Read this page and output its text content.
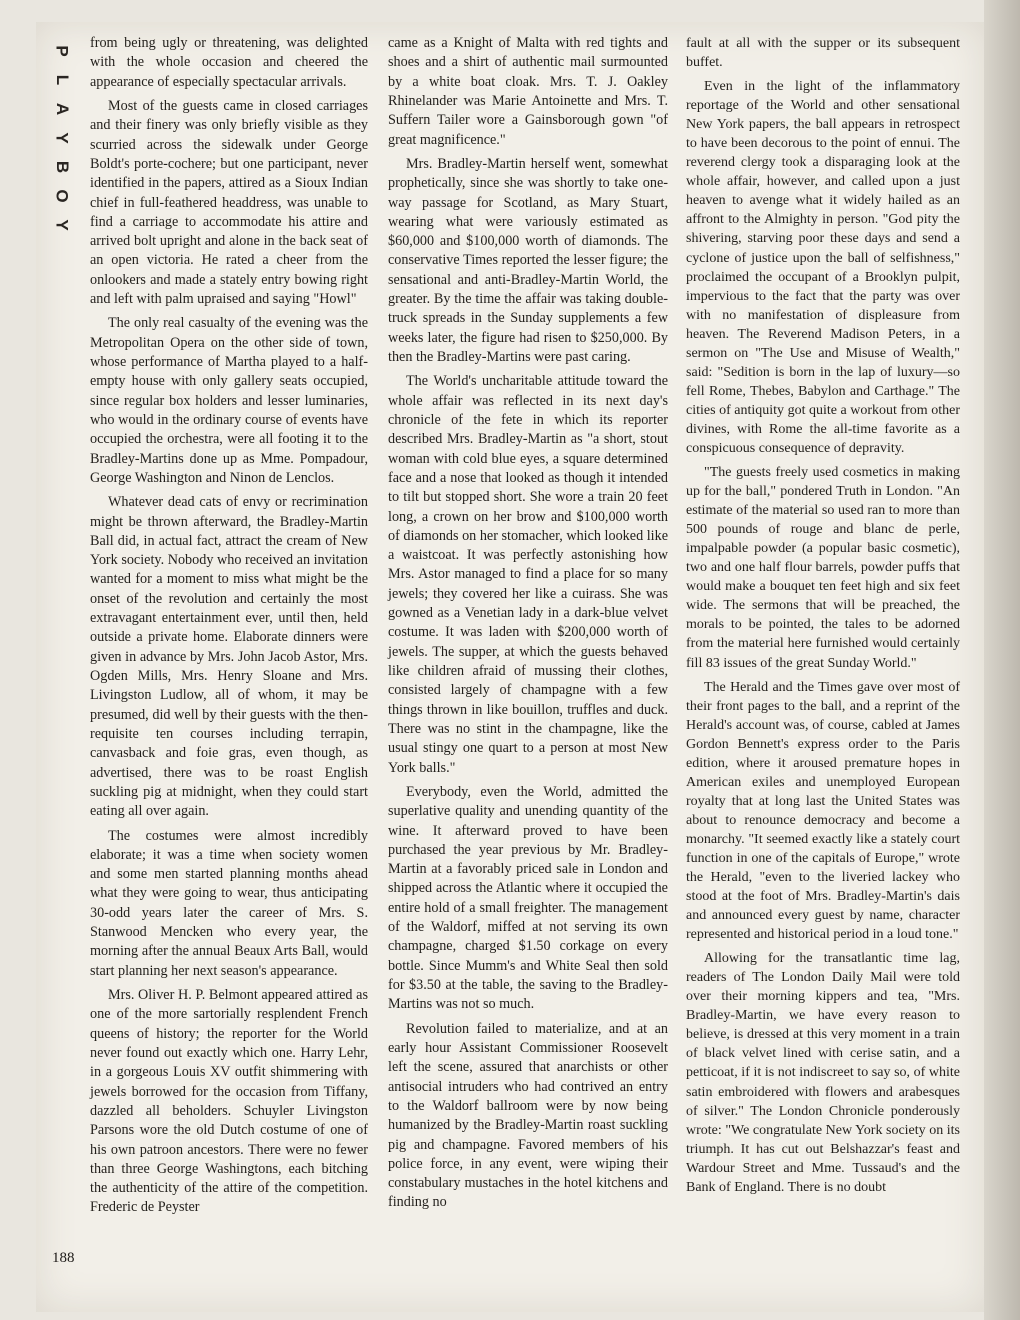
P
L
A
Y
B
O
Y

from being ugly or threatening, was delighted with the whole occasion and cheered the appearance of especially spectacular arrivals.

Most of the guests came in closed carriages and their finery was only briefly visible as they scurried across the sidewalk under George Boldt's porte-cochere; but one participant, never identified in the papers, attired as a Sioux Indian chief in full-feathered headdress, was unable to find a carriage to accommodate his attire and arrived bolt upright and alone in the back seat of an open victoria. He rated a cheer from the onlookers and made a stately entry bowing right and left with palm upraised and saying "Howl"

The only real casualty of the evening was the Metropolitan Opera on the other side of town, whose performance of Martha played to a half-empty house with only gallery seats occupied, since regular box holders and lesser luminaries, who would in the ordinary course of events have occupied the orchestra, were all footing it to the Bradley-Martins done up as Mme. Pompadour, George Washington and Ninon de Lenclos.

Whatever dead cats of envy or recrimination might be thrown afterward, the Bradley-Martin Ball did, in actual fact, attract the cream of New York society. Nobody who received an invitation wanted for a moment to miss what might be the onset of the revolution and certainly the most extravagant entertainment ever, until then, held outside a private home. Elaborate dinners were given in advance by Mrs. John Jacob Astor, Mrs. Ogden Mills, Mrs. Henry Sloane and Mrs. Livingston Ludlow, all of whom, it may be presumed, did well by their guests with the then-requisite ten courses including terrapin, canvasback and foie gras, even though, as advertised, there was to be roast English suckling pig at midnight, when they could start eating all over again.

The costumes were almost incredibly elaborate; it was a time when society women and some men started planning months ahead what they were going to wear, thus anticipating 30-odd years later the career of Mrs. S. Stanwood Mencken who every year, the morning after the annual Beaux Arts Ball, would start planning her next season's appearance.

Mrs. Oliver H. P. Belmont appeared attired as one of the more sartorially resplendent French queens of history; the reporter for the World never found out exactly which one. Harry Lehr, in a gorgeous Louis XV outfit shimmering with jewels borrowed for the occasion from Tiffany, dazzled all beholders. Schuyler Livingston Parsons wore the old Dutch costume of one of his own patroon ancestors. There were no fewer than three George Washingtons, each bitching the authenticity of the attire of the competition. Frederic de Peyster

came as a Knight of Malta with red tights and shoes and a shirt of authentic mail surmounted by a white boat cloak. Mrs. T. J. Oakley Rhinelander was Marie Antoinette and Mrs. T. Suffern Tailer wore a Gainsborough gown "of great magnificence."

Mrs. Bradley-Martin herself went, somewhat prophetically, since she was shortly to take one-way passage for Scotland, as Mary Stuart, wearing what were variously estimated as $60,000 and $100,000 worth of diamonds. The conservative Times reported the lesser figure; the sensational and anti-Bradley-Martin World, the greater. By the time the affair was taking double-truck spreads in the Sunday supplements a few weeks later, the figure had risen to $250,000. By then the Bradley-Martins were past caring.

The World's uncharitable attitude toward the whole affair was reflected in its next day's chronicle of the fete in which its reporter described Mrs. Bradley-Martin as "a short, stout woman with cold blue eyes, a square determined face and a nose that looked as though it intended to tilt but stopped short. She wore a train 20 feet long, a crown on her brow and $100,000 worth of diamonds on her stomacher, which looked like a waistcoat. It was perfectly astonishing how Mrs. Astor managed to find a place for so many jewels; they covered her like a cuirass. She was gowned as a Venetian lady in a dark-blue velvet costume. It was laden with $200,000 worth of jewels. The supper, at which the guests behaved like children afraid of mussing their clothes, consisted largely of champagne with a few things thrown in like bouillon, truffles and duck. There was no stint in the champagne, like the usual stingy one quart to a person at most New York balls."

Everybody, even the World, admitted the superlative quality and unending quantity of the wine. It afterward proved to have been purchased the year previous by Mr. Bradley-Martin at a favorably priced sale in London and shipped across the Atlantic where it occupied the entire hold of a small freighter. The management of the Waldorf, miffed at not serving its own champagne, charged $1.50 corkage on every bottle. Since Mumm's and White Seal then sold for $3.50 at the table, the saving to the Bradley-Martins was not so much.

Revolution failed to materialize, and at an early hour Assistant Commissioner Roosevelt left the scene, assured that anarchists or other antisocial intruders who had contrived an entry to the Waldorf ballroom were by now being humanized by the Bradley-Martin roast suckling pig and champagne. Favored members of his police force, in any event, were wiping their constabulary mustaches in the hotel kitchens and finding no

fault at all with the supper or its subsequent buffet.

Even in the light of the inflammatory reportage of the World and other sensational New York papers, the ball appears in retrospect to have been decorous to the point of ennui. The reverend clergy took a disparaging look at the whole affair, however, and called upon a just heaven to avenge what it widely hailed as an affront to the Almighty in person. "God pity the shivering, starving poor these days and send a cyclone of justice upon the ball of selfishness," proclaimed the occupant of a Brooklyn pulpit, impervious to the fact that the party was over with no manifestation of displeasure from heaven. The Reverend Madison Peters, in a sermon on "The Use and Misuse of Wealth," said: "Sedition is born in the lap of luxury—so fell Rome, Thebes, Babylon and Carthage." The cities of antiquity got quite a workout from other divines, with Rome the all-time favorite as a conspicuous consequence of depravity.

"The guests freely used cosmetics in making up for the ball," pondered Truth in London. "An estimate of the material so used ran to more than 500 pounds of rouge and blanc de perle, impalpable powder (a popular basic cosmetic), two and one half flour barrels, powder puffs that would make a bouquet ten feet high and six feet wide. The sermons that will be preached, the morals to be pointed, the tales to be adorned from the material here furnished would certainly fill 83 issues of the great Sunday World."

The Herald and the Times gave over most of their front pages to the ball, and a reprint of the Herald's account was, of course, cabled at James Gordon Bennett's express order to the Paris edition, where it aroused premature hopes in American exiles and unemployed European royalty that at long last the United States was about to renounce democracy and become a monarchy. "It seemed exactly like a stately court function in one of the capitals of Europe," wrote the Herald, "even to the liveried lackey who stood at the foot of Mrs. Bradley-Martin's dais and announced every guest by name, character represented and historical period in a loud tone."

Allowing for the transatlantic time lag, readers of The London Daily Mail were told over their morning kippers and tea, "Mrs. Bradley-Martin, we have every reason to believe, is dressed at this very moment in a train of black velvet lined with cerise satin, and a petticoat, if it is not indiscreet to say so, of white satin embroidered with flowers and arabesques of silver." The London Chronicle ponderously wrote: "We congratulate New York society on its triumph. It has cut out Belshazzar's feast and Wardour Street and Mme. Tussaud's and the Bank of England. There is no doubt

188
